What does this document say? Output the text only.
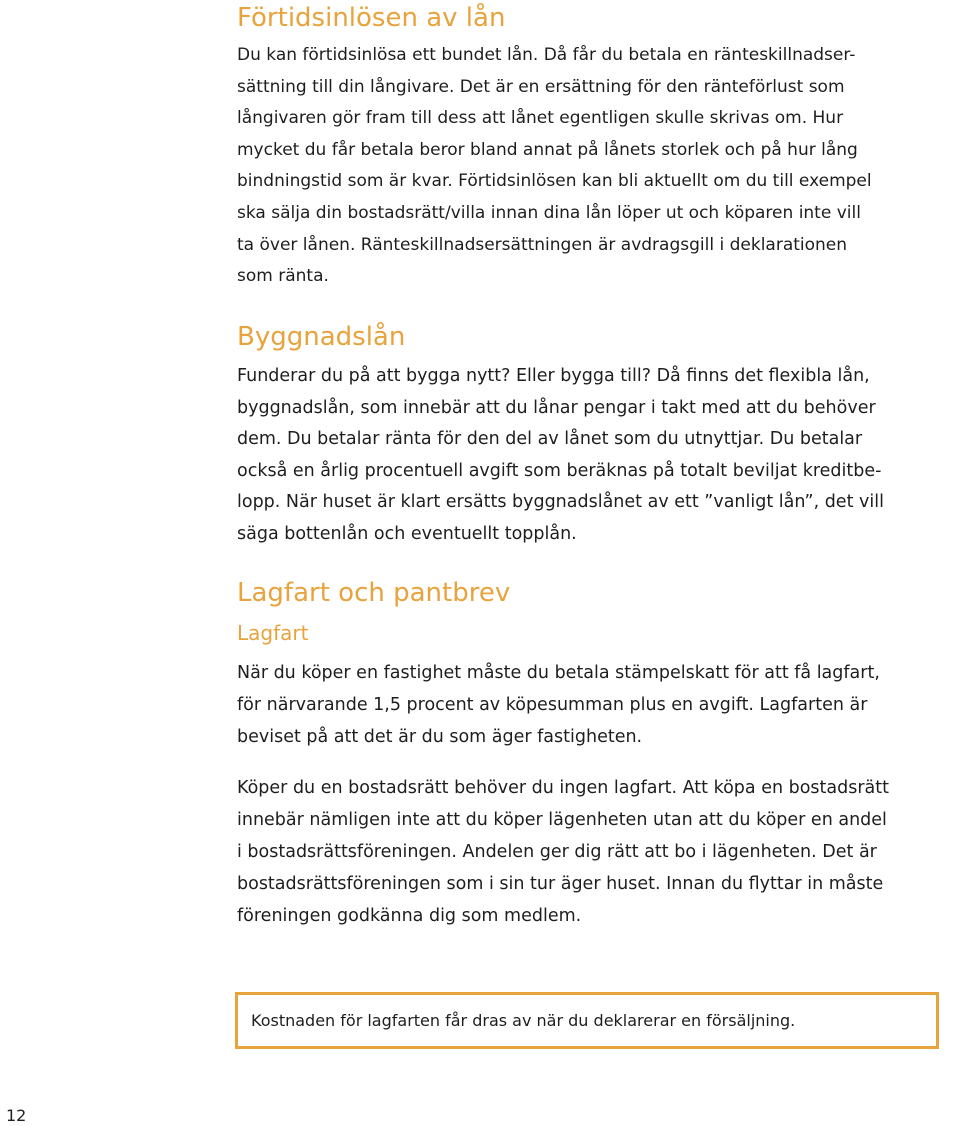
Förtidsinlösen av lån
Du kan förtidsinlösa ett bundet lån. Då får du betala en ränteskillnadser-
sättning till din långivare. Det är en ersättning för den ränteförlust som
långivaren gör fram till dess att lånet egentligen skulle skrivas om. Hur
mycket du får betala beror bland annat på lånets storlek och på hur lång
bindningstid som är kvar. Förtidsinlösen kan bli aktuellt om du till exempel
ska sälja din bostadsrätt/villa innan dina lån löper ut och köparen inte vill
ta över lånen. Ränteskillnadsersättningen är avdragsgill i deklarationen
som ränta.
Byggnadslån
Funderar du på att bygga nytt? Eller bygga till? Då finns det flexibla lån,
byggnadslån, som innebär att du lånar pengar i takt med att du behöver
dem. Du betalar ränta för den del av lånet som du utnyttjar. Du betalar
också en årlig procentuell avgift som beräknas på totalt beviljat kreditbe-
lopp. När huset är klart ersätts byggnadslånet av ett ”vanligt lån”, det vill
säga bottenlån och eventuellt topplån.
Lagfart och pantbrev
Lagfart
När du köper en fastighet måste du betala stämpelskatt för att få lagfart,
för närvarande 1,5 procent av köpesumman plus en avgift. Lagfarten är
beviset på att det är du som äger fastigheten.
Köper du en bostadsrätt behöver du ingen lagfart. Att köpa en bostadsrätt
innebär nämligen inte att du köper lägenheten utan att du köper en andel
i bostadsrättsföreningen. Andelen ger dig rätt att bo i lägenheten. Det är
bostadsrättsföreningen som i sin tur äger huset. Innan du flyttar in måste
föreningen godkänna dig som medlem.
Kostnaden för lagfarten får dras av när du deklarerar en försäljning.
12
